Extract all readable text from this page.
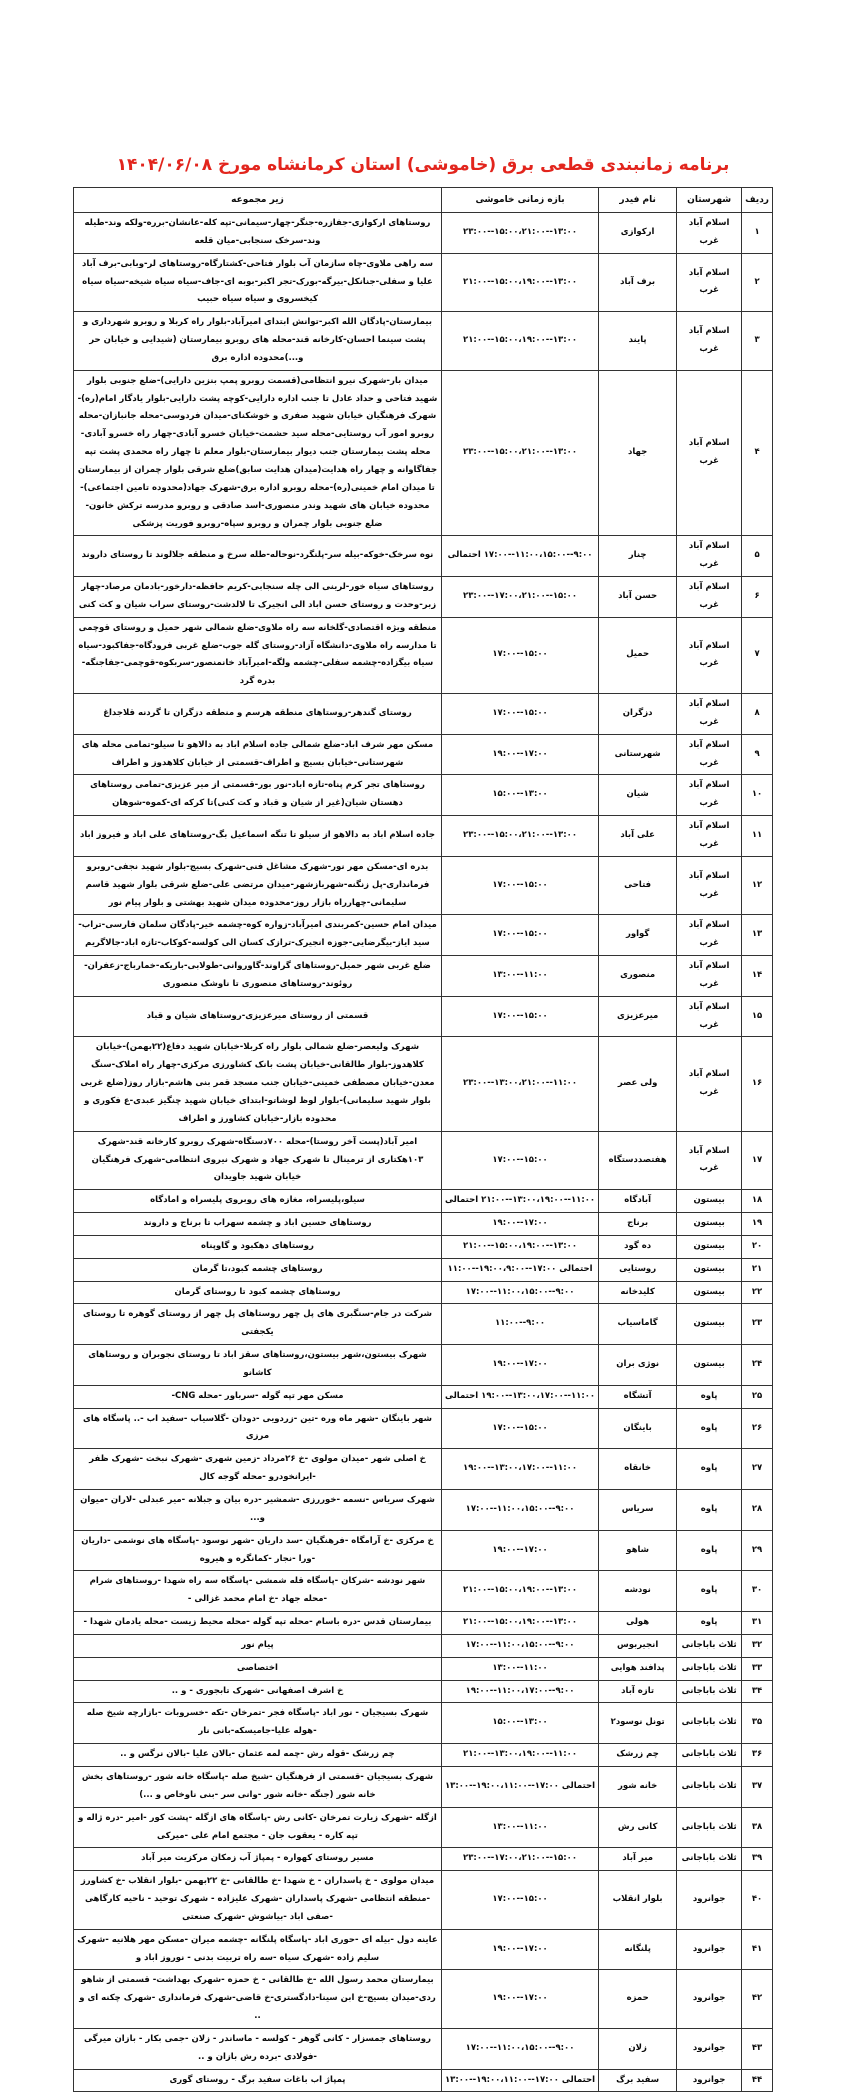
برنامه زمانبندی قطعی برق (خاموشی) استان کرمانشاه مورخ ۱۴۰۴/۰۶/۰۸
ردیف	شهرستان	نام فیدر	بازه زمانی خاموشی	زیر مجموعه
۱	اسلام آباد غرب	ارکوازی	۱۳:۰۰--۱۵:۰۰،۲۱:۰۰--۲۳:۰۰	روستاهای ارکوازی-جفازره-جنگر-چهار-سیمانی-تپه کله-عانشان-برره-ولکه وند-طیله وند-سرخک سنجابی-میان قلعه
۲	اسلام آباد غرب	برف آباد	۱۳:۰۰--۱۵:۰۰،۱۹:۰۰--۲۱:۰۰	سه راهی ملاوی-چاه سازمان آب بلوار فتاحی-کشتارگاه-روستاهای لر-وبابی-برف آباد علیا و سفلی-جنانکل-بیرگه-بورک-تجر اکبر-بوبه ای-جاف-سیاه سیاه شیخه-سیاه سیاه کیخسروی و سیاه سیاه حبیب
۳	اسلام آباد غرب	پایند	۱۳:۰۰--۱۵:۰۰،۱۹:۰۰--۲۱:۰۰	بیمارستان-پادگان الله اکبر-توانش ابتدای امیرآباد-بلوار راه کربلا و روبرو شهرداری و پشت سینما احسان-کارخانه قند-محله های روبرو بیمارستان (شیدایی و خیابان حر و...)محدوده اداره برق
۴	اسلام آباد غرب	جهاد	۱۳:۰۰--۱۵:۰۰،۲۱:۰۰--۲۳:۰۰	میدان بار-شهرک نیرو انتظامی(قسمت روبرو پمپ بنزین دارایی)-ضلع جنوبی بلوار شهید فتاحی و حداد عادل تا جنب اداره دارایی-کوچه پشت دارایی-بلوار یادگار امام(ره)-شهرک فرهنگیان خیابان شهید صفری و خوشکنای-میدان فردوسی-محله جانبازان-محله روبرو امور آب روستایی-محله سید حشمت-خیابان خسرو آبادی-چهار راه خسرو آبادی-محله پشت بیمارستان جنب دیوار بیمارستان-بلوار معلم تا چهار راه محمدی پشت تپه جفاگاوانه و چهار راه هدایت(میدان هدایت سابق)ضلع شرقی بلوار چمران از بیمارستان تا میدان امام خمینی(ره)-محله روبرو اداره برق-شهرک جهاد(محدوده تامین اجتماعی)-محدوده خیابان های شهید وندر منصوری-اسد صادقی و روبرو مدرسه ترکش خانون-ضلع جنوبی بلوار چمران و روبرو سپاه-روبرو فوریت پزشکی
۵	اسلام آباد غرب	چنار	۹:۰۰--۱۱:۰۰،۱۵:۰۰--۱۷:۰۰ احتمالی	نوه سرخک-خوکه-بیله سر-پلنگرد-نوحاله-طله سرخ و منطقه جلالوند تا روستای داروند
۶	اسلام آباد غرب	حسن آباد	۱۵:۰۰--۱۷:۰۰،۲۱:۰۰--۲۳:۰۰	روستاهای سیاه خور-لرینی الی چله سنجابی-کریم حافظه-دارخور-بادمان مرصاد-چهار زبر-وحدت و روستای حسن اباد الی انجیرک تا لالدشت-روستای سراب شیان و کت کنی
۷	اسلام آباد غرب	حمیل	۱۵:۰۰--۱۷:۰۰	منطقه ویژه اقتصادی-گلخانه سه راه ملاوی-ضلع شمالی شهر حمیل و روستای قوچمی تا مدارسه راه ملاوی-دانشگاه آزاد-روستای گله جوب-ضلع غربی فرودگاه-جفاکبود-سیاه سیاه بیگزاده-چشمه سفلی-چشمه ولگه-امیرآباد خانمنصور-سربکوه-قوچمی-جفاجنگه-بدره گرد
۸	اسلام آباد غرب	دزگران	۱۵:۰۰--۱۷:۰۰	روستای گندهر-روستاهای منطقه هرسم و منطقه دزگران تا گردنه قلاجداغ
۹	اسلام آباد غرب	شهرستانی	۱۷:۰۰--۱۹:۰۰	مسکن مهر شرف اباد-ضلع شمالی جاده اسلام اباد به دالاهو تا سیلو-تمامی محله های شهرستانی-خیابان بسیج و اطراف-قسمتی از خیابان کلاهدوز و اطراف
۱۰	اسلام آباد غرب	شیان	۱۳:۰۰--۱۵:۰۰	روستاهای تجر کرم پناه-تازه اباد-نور بور-قسمتی از میر عزیزی-تمامی روستاهای دهستان شیان(غیر از شیان و قباد و کت کنی)تا کرکه ای-کموه-شوهان
۱۱	اسلام آباد غرب	علی آباد	۱۳:۰۰--۱۵:۰۰،۲۱:۰۰--۲۳:۰۰	جاده اسلام اباد به دالاهو از سیلو تا تنگه اسماعیل بگ-روستاهای علی اباد و فیروز اباد
۱۲	اسلام آباد غرب	فتاحی	۱۵:۰۰--۱۷:۰۰	بدره ای-مسکن مهر نور-شهرک مشاغل فنی-شهرک بسیج-بلوار شهید نجفی-روبرو فرمانداری-پل زنگنه-شهربازشهر-میدان مرتضی علی-ضلع شرقی بلوار شهید قاسم سلیمانی-چهارراه بازار روز-محدوده میدان شهید بهشتی و بلوار پیام نور
۱۳	اسلام آباد غرب	گواور	۱۵:۰۰--۱۷:۰۰	میدان امام حسین-کمربندی امیرآباد-زواره کوه-چشمه خیر-پادگان سلمان فارسی-تراب-سید ایاز-بیگرضایی-جوزه انجیرک-ترازک کسان الی کولسه-کوکاب-تازه اباد-جالاگریم
۱۴	اسلام آباد غرب	منصوری	۱۱:۰۰--۱۳:۰۰	ضلع غربی شهر حمیل-روستاهای گراوند-گاوروانی-طولابی-باریکه-خمارباج-زعفران-روئوند-روستاهای منصوری تا ناوشک منصوری
۱۵	اسلام آباد غرب	میرعزیزی	۱۵:۰۰--۱۷:۰۰	قسمتی از روستای میرعزیزی-روستاهای شیان و قباد
۱۶	اسلام آباد غرب	ولی عصر	۱۱:۰۰--۱۳:۰۰،۲۱:۰۰--۲۳:۰۰	شهرک ولیعصر-ضلع شمالی بلوار راه کربلا-خیابان شهید دفاع(۲۲بهمن)-خیابان کلاهدوز-بلوار طالقانی-خیابان پشت بانک کشاورزی مرکزی-چهار راه املاک-سنگ معدن-خیابان مصطفی خمینی-خیابان جنب مسجد قمر بنی هاشم-بازار روز(ضلع غربی بلوار شهید سلیمانی)-بلوار لوظ لوشاتو-ابتدای خیابان شهید چنگیز عبدی-ع فکوری و محدوده بازار-خیابان کشاورز و اطراف
۱۷	اسلام آباد غرب	هفتصددستگاه	۱۵:۰۰--۱۷:۰۰	امیر آباد(پست آخر روستا)-محله ۷۰۰دستگاه-شهرک روبرو کارخانه قند-شهرک ۱۰۳هکتاری از ترمینال تا شهرک جهاد و شهرک نیروی انتظامی-شهرک فرهنگیان خیابان شهید جاویدان
۱۸	بیستون	آبادگاه	۱۱:۰۰--۱۳:۰۰،۱۹:۰۰--۲۱:۰۰ احتمالی	سیلو،پلیسراه، مغازه های روبروی پلیسراه و امادگاه
۱۹	بیستون	برناج	۱۷:۰۰--۱۹:۰۰	روستاهای حسین اباد و چشمه سهراب تا برناج و داروند
۲۰	بیستون	ده گود	۱۳:۰۰--۱۵:۰۰،۱۹:۰۰--۲۱:۰۰	روستاهای دهکبود و گاوپناه
۲۱	بیستون	روستایی	احتمالی ۱۷:۰۰--۱۹:۰۰،۹:۰۰--۱۱:۰۰	روستاهای چشمه کبود،تا گرمان
۲۲	بیستون	کلیدخانه	۹:۰۰--۱۱:۰۰،۱۵:۰۰--۱۷:۰۰	روستاهای چشمه کبود تا روستای گرمان
۲۳	بیستون	گاماسیاب	۹:۰۰--۱۱:۰۰	شرکت در جام-سنگبری های پل چهر روستاهای پل چهر از روستای گوهره تا روستای یکجفتی
۲۴	بیستون	نوژی بران	۱۷:۰۰--۱۹:۰۰	شهرک بیستون،شهر بیستون،روستاهای سقز اباد تا روستای نجوبران و روستاهای کاشانو
۲۵	پاوه	آتشگاه	۱۱:۰۰--۱۳:۰۰،۱۷:۰۰--۱۹:۰۰ احتمالی	مسکن مهر تپه گوله -سرباور -محله CNG-
۲۶	پاوه	باینگان	۱۵:۰۰--۱۷:۰۰	شهر باینگان -شهر ماه وره -تین -زردویی -دودان -گلاسیاب -سفید اب -.. پاسگاه های مرزی
۲۷	پاوه	خانقاه	۱۱:۰۰--۱۳:۰۰،۱۷:۰۰--۱۹:۰۰	خ اصلی شهر -میدان مولوی -خ ۲۶مرداد -زمین شهری -شهرک نبخت -شهرک ظفر -ایرانخودرو -محله گوجه کال
۲۸	پاوه	سریاس	۹:۰۰--۱۱:۰۰،۱۵:۰۰--۱۷:۰۰	شهرک سریاس -نسمه -خوررزی -شمشیر -دره بیان و جبلانه -میر عبدلی -لاران -میوان و...
۲۹	پاوه	شاهو	۱۷:۰۰--۱۹:۰۰	خ مرکزی -خ آرامگاه -فرهنگیان -سد داریان -شهر نوسود -پاسگاه های نوشمی -داریان -ورا -نجار -کمانگره و هیروه
۳۰	پاوه	نودشه	۱۳:۰۰--۱۵:۰۰،۱۹:۰۰--۲۱:۰۰	شهر نودشه -شرکان -پاسگاه قله شمشی -پاسگاه سه راه شهدا -روستاهای شرام -محله جهاد -خ امام محمد غزالی -
۳۱	پاوه	هولی	۱۳:۰۰--۱۵:۰۰،۱۹:۰۰--۲۱:۰۰	بیمارستان قدس -دره باسام -محله تپه گوله -محله محیط زیست -محله یادمان شهدا -
۳۲	ثلاث باباجانی	انجیربوس	۹:۰۰--۱۱:۰۰،۱۵:۰۰--۱۷:۰۰	پیام نور
۳۳	ثلاث باباجانی	پدافند هوایی	۱۱:۰۰--۱۳:۰۰	اختصاصی
۳۴	ثلاث باباجانی	تازه آباد	۹:۰۰--۱۱:۰۰،۱۷:۰۰--۱۹:۰۰	خ اشرف اصفهانی -شهرک تابجوری - و ..
۳۵	ثلاث باباجانی	تونل نوسود۲	۱۳:۰۰--۱۵:۰۰	شهرک بسیجیان - نور اباد -پاسگاه فجر -تمرخان -تکه -خسروبات -بازارچه شیخ صله -هوله علیا-جامیسکه-بانی نار
۳۶	ثلاث باباجانی	چم زرشک	۱۱:۰۰--۱۳:۰۰،۱۹:۰۰--۲۱:۰۰	چم زرشک -قوله رش -چمه لمه عثمان -بالان علیا -بالان نرگس و ..
۳۷	ثلاث باباجانی	خانه شور	احتمالی ۱۷:۰۰--۱۹:۰۰،۱۱:۰۰--۱۳:۰۰	شهرک بسیجیان -قسمتی از فرهنگیان -شیخ صله -پاسگاه خانه شور -روستاهای بخش خانه شور (جنگه -خانه شور -وانی سر -بنی ناوخاص و ...)
۳۸	ثلاث باباجانی	کانی رش	۱۱:۰۰--۱۳:۰۰	ازگله -شهرک زیارت تمرخان -کانی رش -پاسگاه های ازگله -پشت کور -امیر -دره ژاله و تپه کاره - یعقوب جان - مجتمع امام علی -میرکی
۳۹	ثلاث باباجانی	میر آباد	۱۵:۰۰--۱۷:۰۰،۲۱:۰۰--۲۳:۰۰	مسیر روستای کهواره - پمپاژ آب زمکان مرکزیت میر آباد
۴۰	جوانرود	بلوار انقلاب	۱۵:۰۰--۱۷:۰۰	میدان مولوی - خ پاسداران - خ شهدا -خ طالقانی -خ ۲۲بهمن -بلوار انقلاب -خ کشاورز -منطقه انتظامی -شهرک پاسداران -شهرک علیزاده - شهرک توحید - ناحیه کارگاهی -صفی اباد -بیاشوش -شهرک صنعتی
۴۱	جوانرود	پلنگانه	۱۷:۰۰--۱۹:۰۰	عاینه دول -بیله ای -حوری اباد -پاسگاه پلنگانه -چشمه میران -مسکن مهر هلانیه -شهرک سلیم زاده -شهرک سیاه -سه راه تربیت بدنی - نوروز اباد و
۴۲	جوانرود	حمزه	۱۷:۰۰--۱۹:۰۰	بیمارستان محمد رسول الله -خ طالقانی - خ حمزه -شهرک بهداشت- قسمتی از شاهو ردی-میدان بسیج-خ ابن سینا-دادگستری-خ قاضی-شهرک فرمانداری -شهرک چکنه ای و ..
۴۳	جوانرود	زلان	۹:۰۰--۱۱:۰۰،۱۵:۰۰--۱۷:۰۰	روستاهای جمسزار - کانی گوهر - کولسه - ماساندر - زلان -جمی بکار - بازان میرگی -فولادی -برده رش بازان و ..
۴۴	جوانرود	سفید برگ	احتمالی ۱۷:۰۰--۱۹:۰۰،۱۱:۰۰--۱۳:۰۰	پمپاژ اب باغات سفید برگ - روستای گوری
